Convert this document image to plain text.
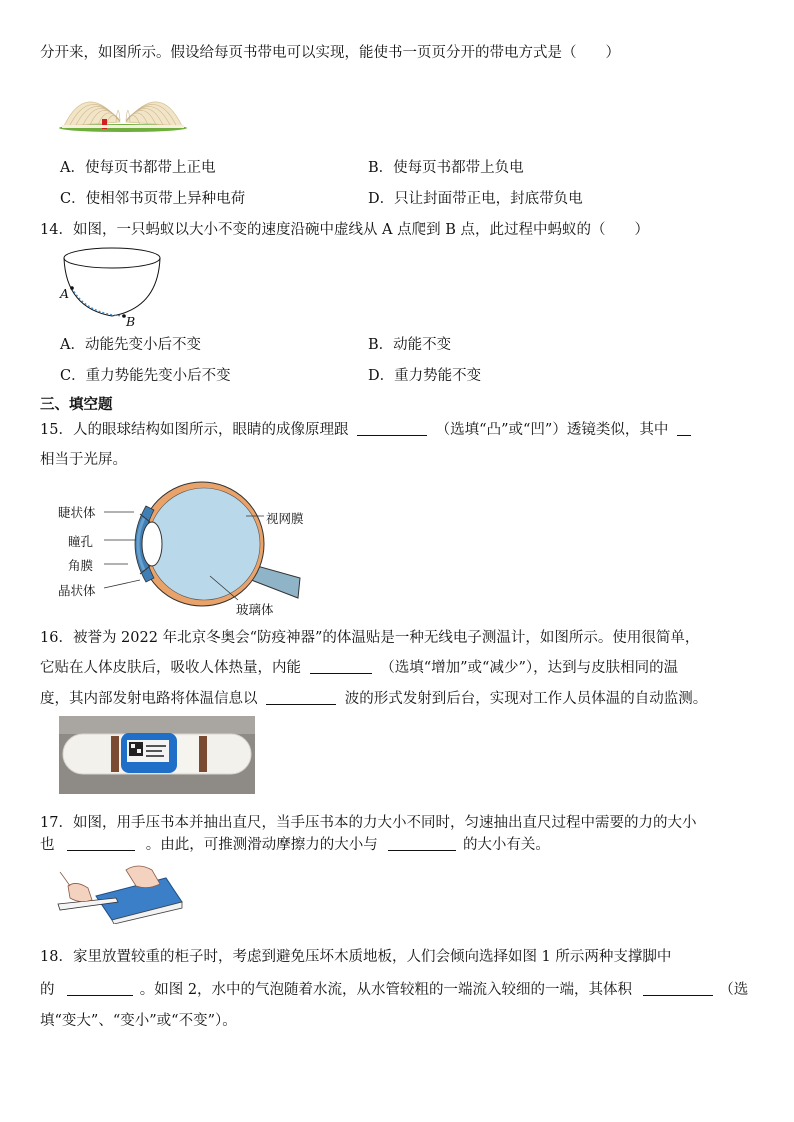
分开来，如图所示。假设给每页书带电可以实现，能使书一页页分开的带电方式是（　　）
A．使每页书都带上正电	B．使每页书都带上负电
C．使相邻书页带上异种电荷	D．只让封面带正电，封底带负电
14．如图，一只蚂蚁以大小不变的速度沿碗中虚线从 A 点爬到 B 点，此过程中蚂蚁的（　　）
A
B
A．动能先变小后不变	B．动能不变
C．重力势能先变小后不变	D．重力势能不变
三、填空题
15．人的眼球结构如图所示，眼睛的成像原理跟	（选填“凸”或“凹”）透镜类似，其中
相当于光屏。
睫状体
瞳孔
角膜
晶状体
视网膜
玻璃体
16．被誉为 2022 年北京冬奥会“防疫神器”的体温贴是一种无线电子测温计，如图所示。使用很简单，
它贴在人体皮肤后，吸收人体热量，内能	（选填“增加”或“减少”），达到与皮肤相同的温
度，其内部发射电路将体温信息以	波的形式发射到后台，实现对工作人员体温的自动监测。
17．如图，用手压书本并抽出直尺，当手压书本的力大小不同时，匀速抽出直尺过程中需要的力的大小
也	。由此，可推测滑动摩擦力的大小与	的大小有关。
18．家里放置较重的柜子时，考虑到避免压坏木质地板，人们会倾向选择如图 1 所示两种支撑脚中
的	。如图 2，水中的气泡随着水流，从水管较粗的一端流入较细的一端，其体积	（选
填“变大”、“变小”或“不变”）。
